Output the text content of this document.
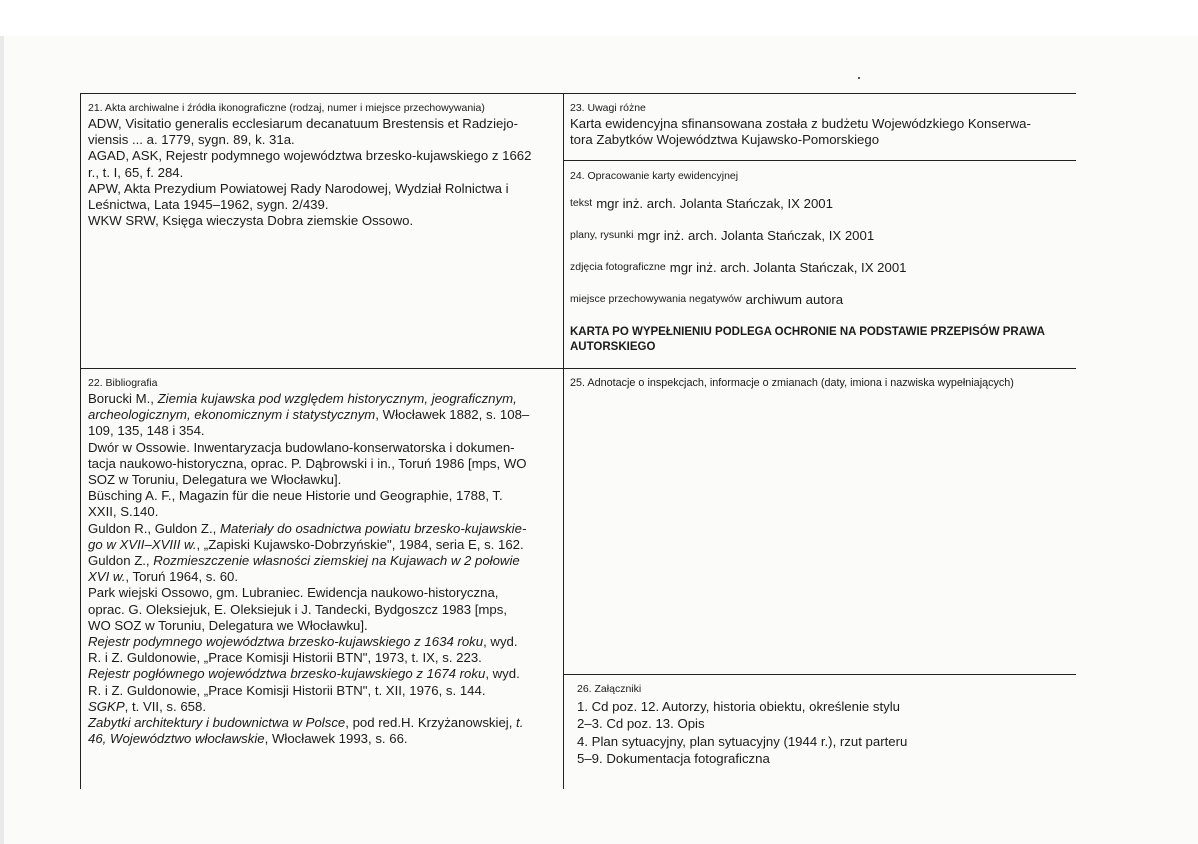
21. Akta archiwalne i źródła ikonograficzne (rodzaj, numer i miejsce przechowywania)

ADW, Visitatio generalis ecclesiarum decanatuum Brestensis et Radziejo-

viensis ... a. 1779, sygn. 89, k. 31a.

AGAD, ASK, Rejestr podymnego województwa brzesko-kujawskiego z 1662

r., t. I, 65, f. 284.

APW, Akta Prezydium Powiatowej Rady Narodowej, Wydział Rolnictwa i

Leśnictwa, Lata 1945–1962, sygn. 2/439.

WKW SRW, Księga wieczysta Dobra ziemskie Ossowo.

23. Uwagi różne

Karta ewidencyjna sfinansowana została z budżetu Wojewódzkiego Konserwa-

tora Zabytków Województwa Kujawsko-Pomorskiego

24. Opracowanie karty ewidencyjnej
tekst mgr inż. arch. Jolanta Stańczak, IX 2001
plany, rysunki mgr inż. arch. Jolanta Stańczak, IX 2001
zdjęcia fotograficzne mgr inż. arch. Jolanta Stańczak, IX 2001
miejsce przechowywania negatywów archiwum autora
KARTA PO WYPEŁNIENIU PODLEGA OCHRONIE NA PODSTAWIE PRZEPISÓW PRAWA
AUTORSKIEGO
22. Bibliografia

Borucki M., Ziemia kujawska pod względem historycznym, jeograficznym,

archeologicznym, ekonomicznym i statystycznym, Włocławek 1882, s. 108–

109, 135, 148 i 354.

Dwór w Ossowie. Inwentaryzacja budowlano-konserwatorska i dokumen-

tacja naukowo-historyczna, oprac. P. Dąbrowski i in., Toruń 1986 [mps, WO

SOZ w Toruniu, Delegatura we Włocławku].

Büsching A. F., Magazin für die neue Historie und Geographie, 1788, T.

XXII, S.140.

Guldon R., Guldon Z., Materiały do osadnictwa powiatu brzesko-kujawskie-

go w XVII–XVIII w., „Zapiski Kujawsko-Dobrzyńskie", 1984, seria E, s. 162.

Guldon Z., Rozmieszczenie własności ziemskiej na Kujawach w 2 połowie

XVI w., Toruń 1964, s. 60.

Park wiejski Ossowo, gm. Lubraniec. Ewidencja naukowo-historyczna,

oprac. G. Oleksiejuk, E. Oleksiejuk i J. Tandecki, Bydgoszcz 1983 [mps,

WO SOZ w Toruniu, Delegatura we Włocławku].

Rejestr podymnego województwa brzesko-kujawskiego z 1634 roku, wyd.

R. i Z. Guldonowie, „Prace Komisji Historii BTN", 1973, t. IX, s. 223.

Rejestr pogłównego województwa brzesko-kujawskiego z 1674 roku, wyd.

R. i Z. Guldonowie, „Prace Komisji Historii BTN", t. XII, 1976, s. 144.

SGKP, t. VII, s. 658.

Zabytki architektury i budownictwa w Polsce, pod red.H. Krzyżanowskiej, t.

46, Województwo włocławskie, Włocławek 1993, s. 66.

25. Adnotacje o inspekcjach, informacje o zmianach (daty, imiona i nazwiska wypełniających)
26. Załączniki

1. Cd poz. 12. Autorzy, historia obiektu, określenie stylu

2–3. Cd poz. 13. Opis

4. Plan sytuacyjny, plan sytuacyjny (1944 r.), rzut parteru

5–9. Dokumentacja fotograficzna
